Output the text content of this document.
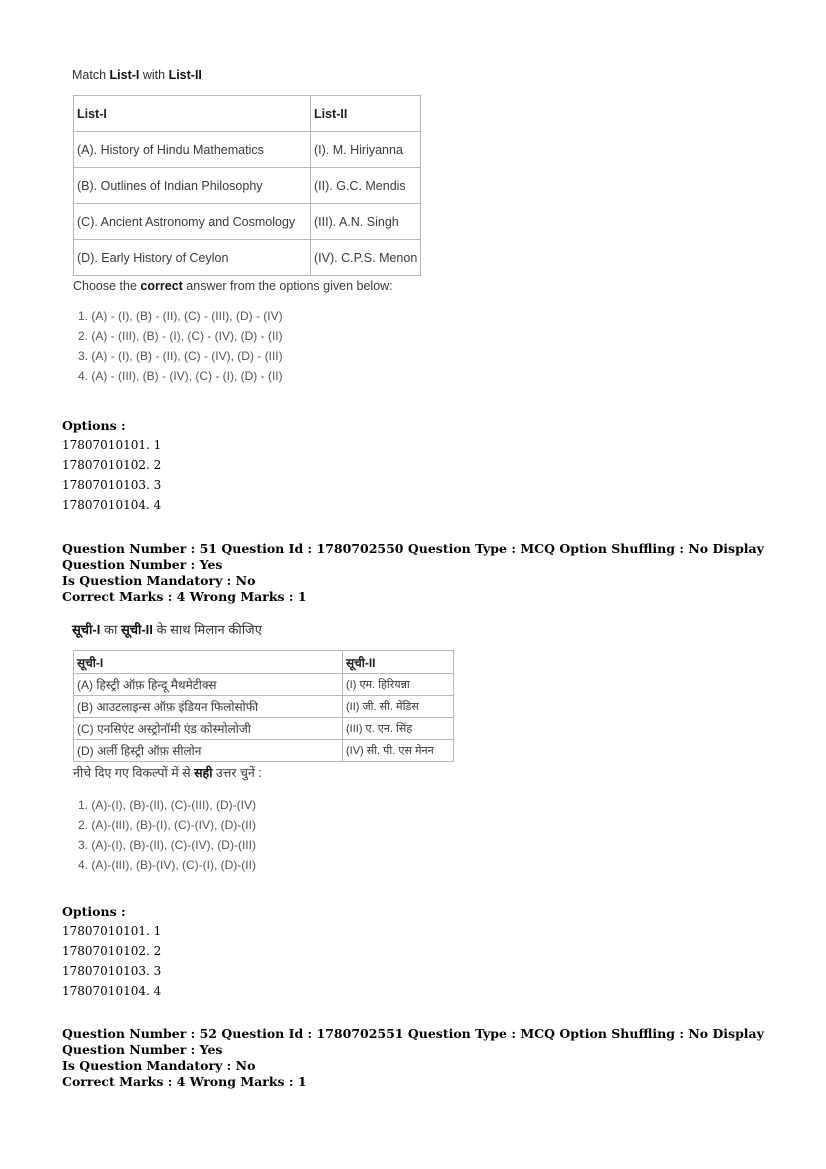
Match List-I with List-II
List-I	List-II
(A). History of Hindu Mathematics	(I). M. Hiriyanna
(B). Outlines of Indian Philosophy	(II). G.C. Mendis
(C). Ancient Astronomy and Cosmology	(III). A.N. Singh
(D). Early History of Ceylon	(IV). C.P.S. Menon
Choose the correct answer from the options given below:
1. (A) - (I), (B) - (II), (C) - (III), (D) - (IV)
2. (A) - (III), (B) - (I), (C) - (IV), (D) - (II)
3. (A) - (I), (B) - (II), (C) - (IV), (D) - (III)
4. (A) - (III), (B) - (IV), (C) - (I), (D) - (II)
Options :
17807010101. 1
17807010102. 2
17807010103. 3
17807010104. 4
Question Number : 51 Question Id : 1780702550 Question Type : MCQ Option Shuffling : No Display Question Number : Yes
Is Question Mandatory : No
Correct Marks : 4 Wrong Marks : 1
सूची-I का सूची-II के साथ मिलान कीजिए
सूची-I	सूची-II
(A) हिस्ट्री ऑफ़ हिन्दू मैथमेटीक्स	(I) एम. हिरियन्ना
(B) आउटलाइन्स ऑफ़ इंडियन फिलोसोफी	(II) जी. सी. मेंडिस
(C) एनसिएंट अस्ट्रोनॉमी एंड कोस्मोलोजी	(III) ए. एन. सिंह
(D) अर्ली हिस्ट्री ऑफ़ सीलोन	(IV) सी. पी. एस मेनन
नीचे दिए गए विकल्पों में से सही उत्तर चुनें :
1. (A)-(I), (B)-(II), (C)-(III), (D)-(IV)
2. (A)-(III), (B)-(I), (C)-(IV), (D)-(II)
3. (A)-(I), (B)-(II), (C)-(IV), (D)-(III)
4. (A)-(III), (B)-(IV), (C)-(I), (D)-(II)
Options :
17807010101. 1
17807010102. 2
17807010103. 3
17807010104. 4
Question Number : 52 Question Id : 1780702551 Question Type : MCQ Option Shuffling : No Display Question Number : Yes
Is Question Mandatory : No
Correct Marks : 4 Wrong Marks : 1
